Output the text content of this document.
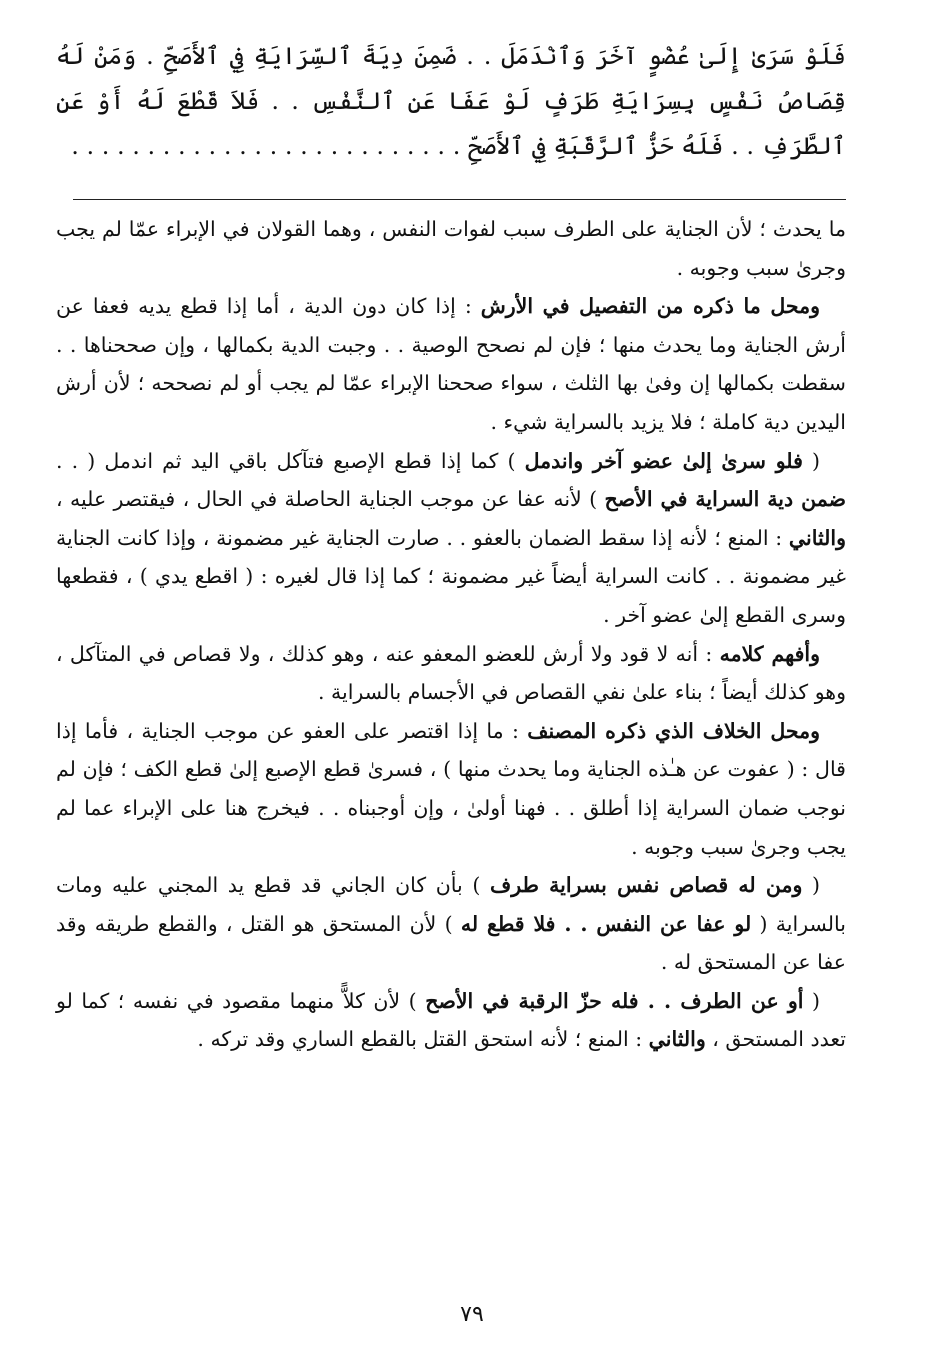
فَلَوْ سَرَىٰ إِلَىٰ عُضْوٍ آخَرَ وَٱنْدَمَلَ . . ضَمِنَ دِيَةَ ٱلسِّرَايَةِ فِي ٱلأَصَحِّ . وَمَنْ لَهُ قِصَاصُ نَفْسٍ بِسِرَايَةِ طَرَفٍ لَوْ عَفَا عَنِ ٱلنَّفْسِ . . فَلاَ قَطْعَ لَهُ أَوْ عَنِ ٱلطَّرَفِ . . فَلَهُ حَزُّ ٱلرَّقَبَةِ فِي ٱلأَصَحِّ . . . . . . . . . . . . . . . . . . . . . . . . . .

ما يحدث ؛ لأن الجناية على الطرف سبب لفوات النفس ، وهما القولان في الإبراء عمّا لم يجب وجرىٰ سبب وجوبه .

ومحل ما ذكره من التفصيل في الأرش : إذا كان دون الدية ، أما إذا قطع يديه فعفا عن أرش الجناية وما يحدث منها ؛ فإن لم نصحح الوصية . . وجبت الدية بكمالها ، وإن صححناها . . سقطت بكمالها إن وفىٰ بها الثلث ، سواء صححنا الإبراء عمّا لم يجب أو لم نصححه ؛ لأن أرش اليدين دية كاملة ؛ فلا يزيد بالسراية شيء .

( فلو سرىٰ إلىٰ عضو آخر واندمل ) كما إذا قطع الإصبع فتآكل باقي اليد ثم اندمل ( . . ضمن دية السراية في الأصح ) لأنه عفا عن موجب الجناية الحاصلة في الحال ، فيقتصر عليه ، والثاني : المنع ؛ لأنه إذا سقط الضمان بالعفو . . صارت الجناية غير مضمونة ، وإذا كانت الجناية غير مضمونة . . كانت السراية أيضاً غير مضمونة ؛ كما إذا قال لغيره : ( اقطع يدي ) ، فقطعها وسرى القطع إلىٰ عضو آخر .

وأفهم كلامه : أنه لا قود ولا أرش للعضو المعفو عنه ، وهو كذلك ، ولا قصاص في المتآكل ، وهو كذلك أيضاً ؛ بناء علىٰ نفي القصاص في الأجسام بالسراية .

ومحل الخلاف الذي ذكره المصنف : ما إذا اقتصر على العفو عن موجب الجناية ، فأما إذا قال : ( عفوت عن هـٰذه الجناية وما يحدث منها ) ، فسرىٰ قطع الإصبع إلىٰ قطع الكف ؛ فإن لم نوجب ضمان السراية إذا أطلق . . فهنا أولىٰ ، وإن أوجبناه . . فيخرج هنا على الإبراء عما لم يجب وجرىٰ سبب وجوبه .

( ومن له قصاص نفس بسراية طرف ) بأن كان الجاني قد قطع يد المجني عليه ومات بالسراية ( لو عفا عن النفس . . فلا قطع له ) لأن المستحق هو القتل ، والقطع طريقه وقد عفا عن المستحق له .

( أو عن الطرف . . فله حزّ الرقبة في الأصح ) لأن كلاًّ منهما مقصود في نفسه ؛ كما لو تعدد المستحق ، والثاني : المنع ؛ لأنه استحق القتل بالقطع الساري وقد تركه .

٧٩
